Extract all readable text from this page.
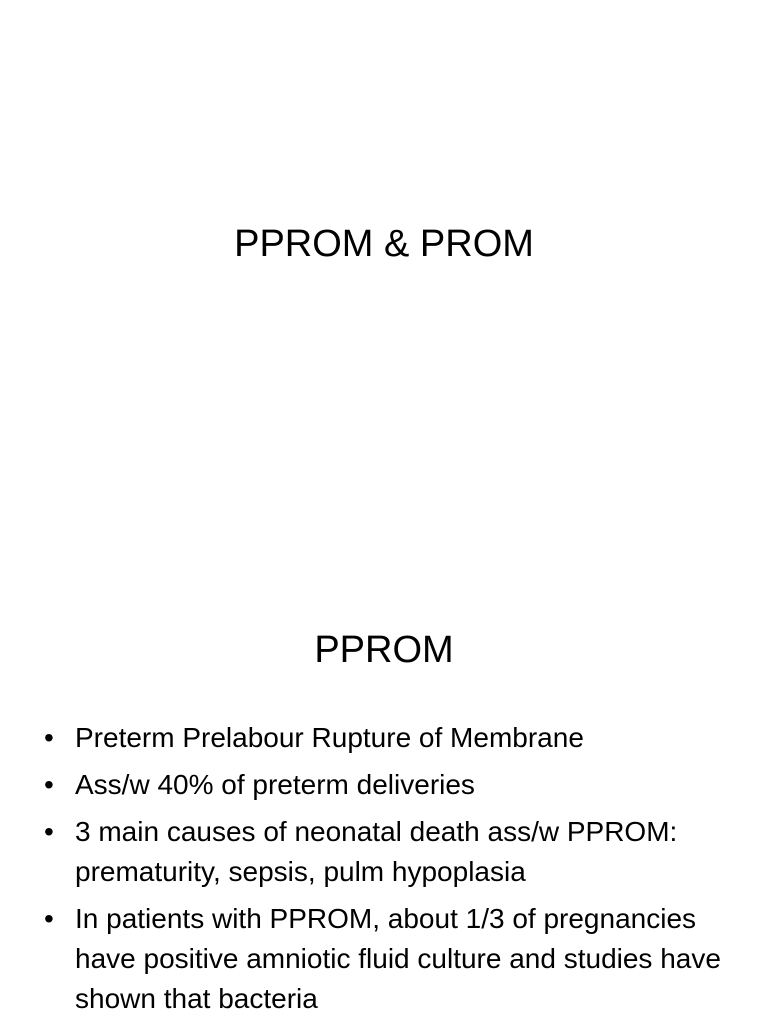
PPROM & PROM
PPROM
• Preterm Prelabour Rupture of Membrane
• Ass/w 40% of preterm deliveries
• 3 main causes of neonatal death ass/w PPROM: prematurity, sepsis, pulm hypoplasia
• In patients with PPROM, about 1/3 of pregnancies have positive amniotic fluid culture and studies have shown that bacteria
